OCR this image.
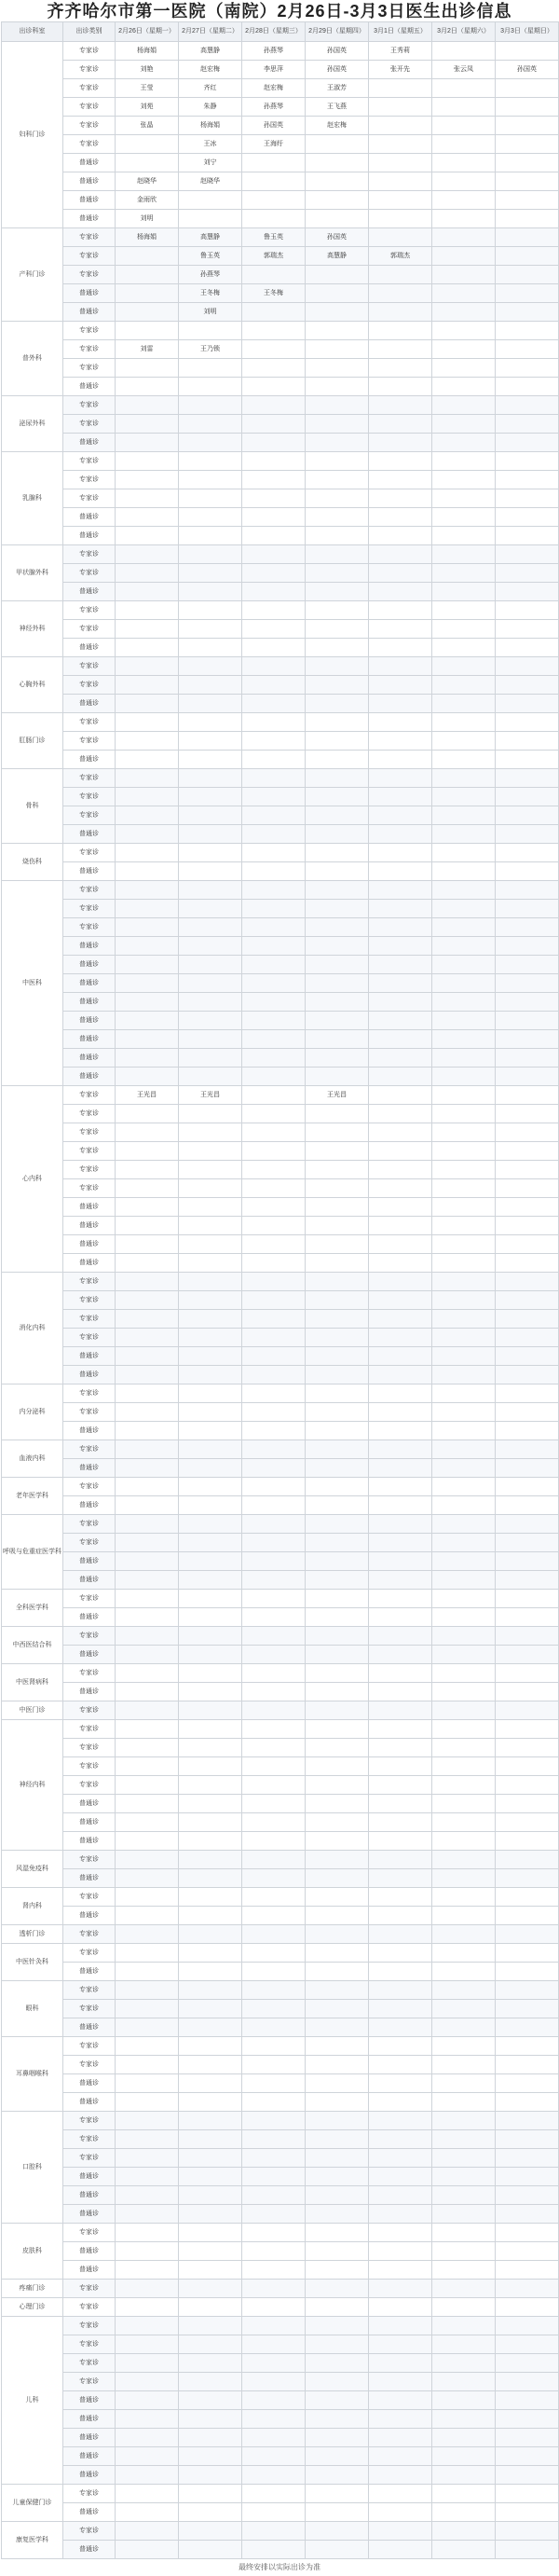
齐齐哈尔市第一医院（南院）2月26日-3月3日医生出诊信息
出诊科室	出诊类别	2月26日（星期一）	2月27日（星期二）	2月28日（星期三）	2月29日（星期四）	3月1日（星期五）	3月2日（星期六）	3月3日（星期日）
妇科门诊	专家诊	杨海娟	高慧静	孙燕琴	孙国英	王秀莉		
	专家诊	刘艳	赵宏梅	李思萍	孙国英	张开先	张云凤	孙国英
	专家诊	王莹	齐红	赵宏梅	王淑芳			
	专家诊	刘苑	朱静	孙燕琴	王飞燕			
	专家诊	张晶	杨海娟	孙国英	赵宏梅			
	专家诊		王冰	王海纡				
	普通诊		刘宁					
	普通诊	赵晓华	赵晓华					
	普通诊	金雨欣						
	普通诊	刘明						
产科门诊	专家诊	杨海娟	高慧静	鲁玉英	孙国英			
	专家诊		鲁玉英	郭瑞杰	高慧静	郭瑞杰		
	专家诊		孙燕琴					
	普通诊		王冬梅	王冬梅				
	普通诊		刘明					
普外科	专家诊							
	专家诊	刘雷	王乃锁					
	专家诊							
	普通诊							
泌尿外科	专家诊							
	专家诊							
	普通诊							
乳腺科	专家诊							
	专家诊							
	专家诊							
	普通诊							
	普通诊							
甲状腺外科	专家诊							
	专家诊							
	普通诊							
神经外科	专家诊							
	专家诊							
	普通诊							
心胸外科	专家诊							
	专家诊							
	普通诊							
肛肠门诊	专家诊							
	专家诊							
	普通诊							
骨科	专家诊							
	专家诊							
	专家诊							
	普通诊							
烧伤科	专家诊							
	普通诊							
中医科	专家诊							
	专家诊							
	专家诊							
	普通诊							
	普通诊							
	普通诊							
	普通诊							
	普通诊							
	普通诊							
	普通诊							
	普通诊							
心内科	专家诊	王光昌	王光昌		王光昌			
	专家诊							
	专家诊							
	专家诊							
	专家诊							
	专家诊							
	普通诊							
	普通诊							
	普通诊							
	普通诊							
消化内科	专家诊							
	专家诊							
	专家诊							
	专家诊							
	普通诊							
	普通诊							
内分泌科	专家诊							
	专家诊							
	普通诊							
血液内科	专家诊							
	普通诊							
老年医学科	专家诊							
	普通诊							
呼吸与危重症医学科	专家诊							
	专家诊							
	普通诊							
	普通诊							
全科医学科	专家诊							
	普通诊							
中西医结合科	专家诊							
	普通诊							
中医肾病科	专家诊							
	普通诊							
中医门诊	专家诊							
神经内科	专家诊							
	专家诊							
	专家诊							
	专家诊							
	普通诊							
	普通诊							
	普通诊							
风湿免疫科	专家诊							
	普通诊							
肾内科	专家诊							
	普通诊							
透析门诊	专家诊							
中医针灸科	专家诊							
	普通诊							
眼科	专家诊							
	专家诊							
	普通诊							
耳鼻咽喉科	专家诊							
	专家诊							
	普通诊							
	普通诊							
口腔科	专家诊							
	专家诊							
	专家诊							
	普通诊							
	普通诊							
	普通诊							
皮肤科	专家诊							
	普通诊							
	普通诊							
疼痛门诊	专家诊							
心理门诊	专家诊							
儿科	专家诊							
	专家诊							
	专家诊							
	专家诊							
	普通诊							
	普通诊							
	普通诊							
	普通诊							
	普通诊							
儿童保健门诊	专家诊							
	普通诊							
康复医学科	专家诊							
	普通诊							
最终安排以实际出诊为准
